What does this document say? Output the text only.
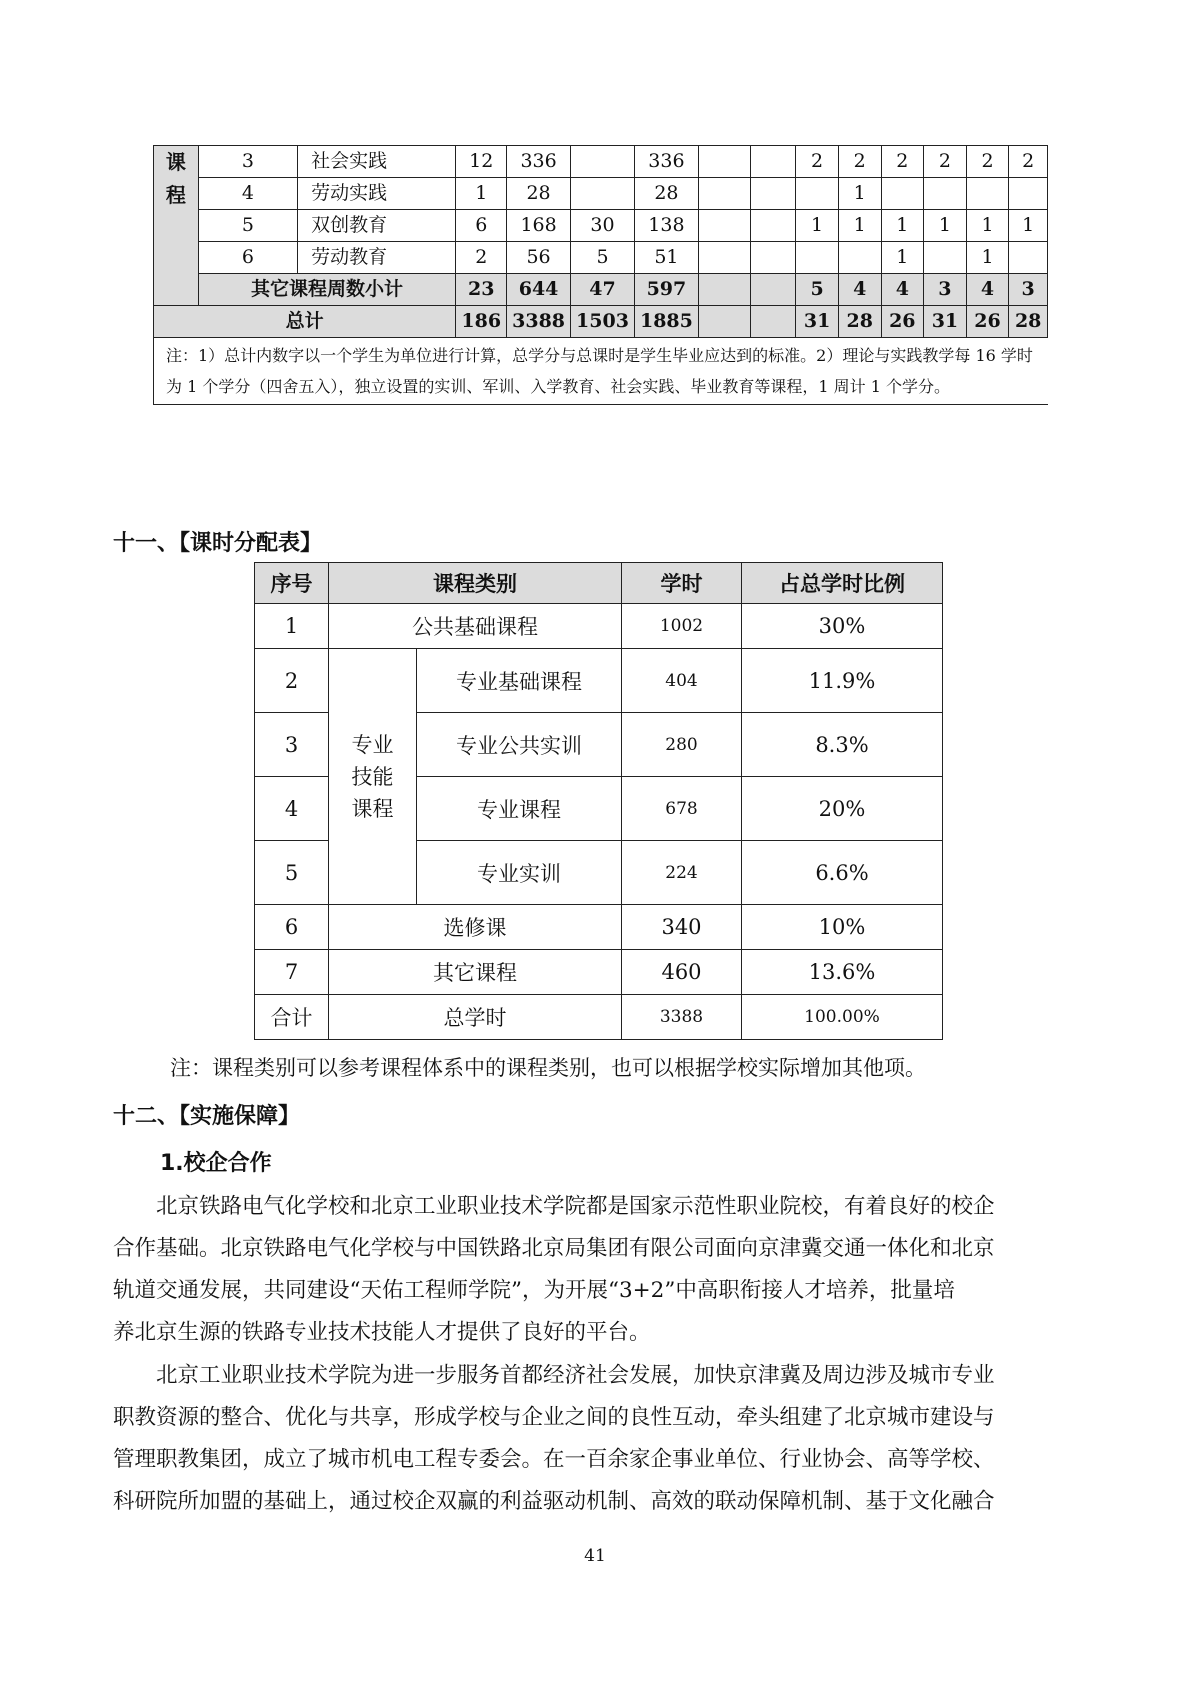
课
程	3	社会实践	12	336		336			2	2	2	2	2	2
	4	劳动实践	1	28		28				1				
	5	双创教育	6	168	30	138			1	1	1	1	1	1
	6	劳动教育	2	56	5	51					1		1	
	其它课程周数小计		23	644	47	597			5	4	4	3	4	3
总计			186	3388	1503	1885			31	28	26	31	26	28
注：1）总计内数字以一个学生为单位进行计算，总学分与总课时是学生毕业应达到的标准。2）理论与实践教学每 16 学时为 1 个学分（四舍五入），独立设置的实训、军训、入学教育、社会实践、毕业教育等课程，1 周计 1 个学分。														
十一、【课时分配表】
序号	课程类别		学时	占总学时比例
1	公共基础课程		1002	30%
2	专业
技能
课程	专业基础课程	404	11.9%
3		专业公共实训	280	8.3%
4		专业课程	678	20%
5		专业实训	224	6.6%
6	选修课		340	10%
7	其它课程		460	13.6%
合计	总学时		3388	100.00%
注：课程类别可以参考课程体系中的课程类别，也可以根据学校实际增加其他项。
十二、【实施保障】
1.校企合作
北京铁路电气化学校和北京工业职业技术学院都是国家示范性职业院校，有着良好的校企
合作基础。北京铁路电气化学校与中国铁路北京局集团有限公司面向京津冀交通一体化和北京
轨道交通发展，共同建设“天佑工程师学院”，为开展“3+2”中高职衔接人才培养，批量培
养北京生源的铁路专业技术技能人才提供了良好的平台。
北京工业职业技术学院为进一步服务首都经济社会发展，加快京津冀及周边涉及城市专业
职教资源的整合、优化与共享，形成学校与企业之间的良性互动，牵头组建了北京城市建设与
管理职教集团，成立了城市机电工程专委会。在一百余家企事业单位、行业协会、高等学校、
科研院所加盟的基础上，通过校企双赢的利益驱动机制、高效的联动保障机制、基于文化融合
41
